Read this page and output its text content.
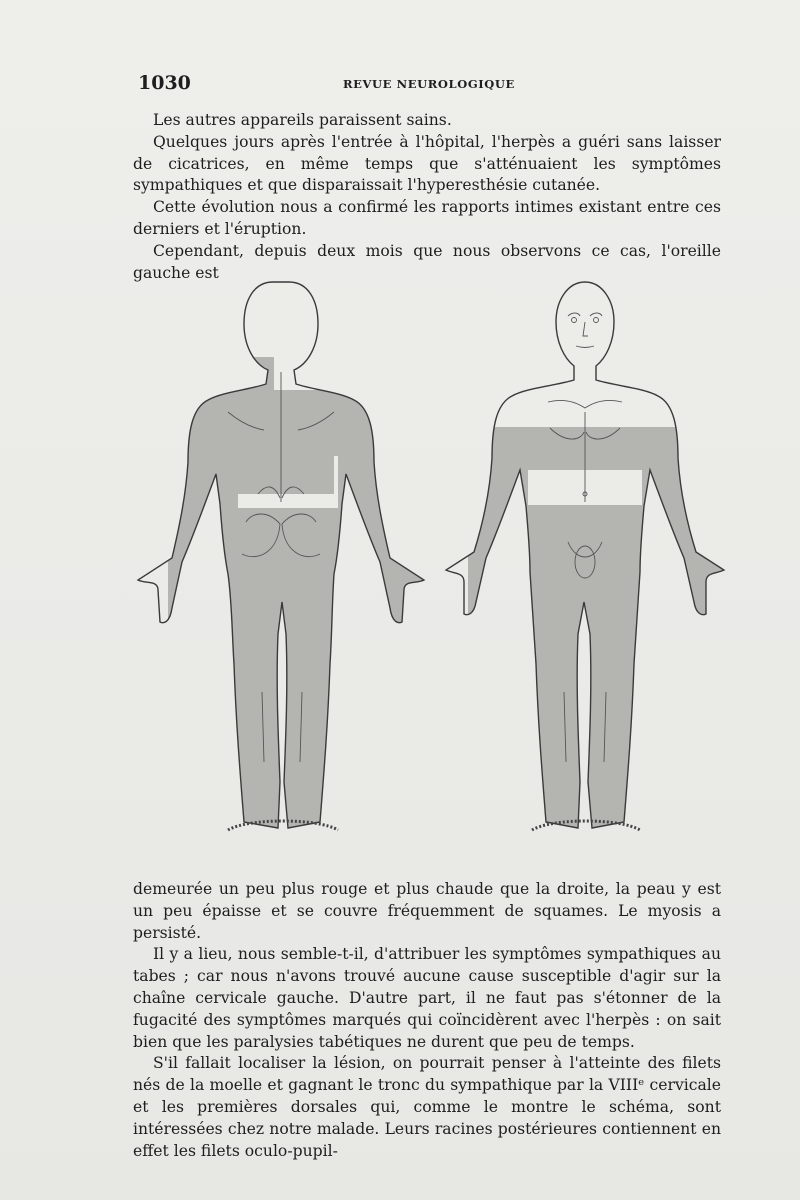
1030	REVUE NEUROLOGIQUE

Les autres appareils paraissent sains.

Quelques jours après l'entrée à l'hôpital, l'herpès a guéri sans laisser de cicatrices, en même temps que s'atténuaient les symptômes sympathiques et que disparaissait l'hyperesthésie cutanée.

Cette évolution nous a confirmé les rapports intimes existant entre ces derniers et l'éruption.

Cependant, depuis deux mois que nous observons ce cas, l'oreille gauche est

demeurée un peu plus rouge et plus chaude que la droite, la peau y est un peu épaisse et se couvre fréquemment de squames. Le myosis a persisté.

Il y a lieu, nous semble-t-il, d'attribuer les symptômes sympathiques au tabes ; car nous n'avons trouvé aucune cause susceptible d'agir sur la chaîne cervicale gauche. D'autre part, il ne faut pas s'étonner de la fugacité des symptômes marqués qui coïncidèrent avec l'herpès : on sait bien que les paralysies tabétiques ne durent que peu de temps.

S'il fallait localiser la lésion, on pourrait penser à l'atteinte des filets nés de la moelle et gagnant le tronc du sympathique par la VIIIᵉ cervicale et les premières dorsales qui, comme le montre le schéma, sont intéressées chez notre malade. Leurs racines postérieures contiennent en effet les filets oculo-pupil-
